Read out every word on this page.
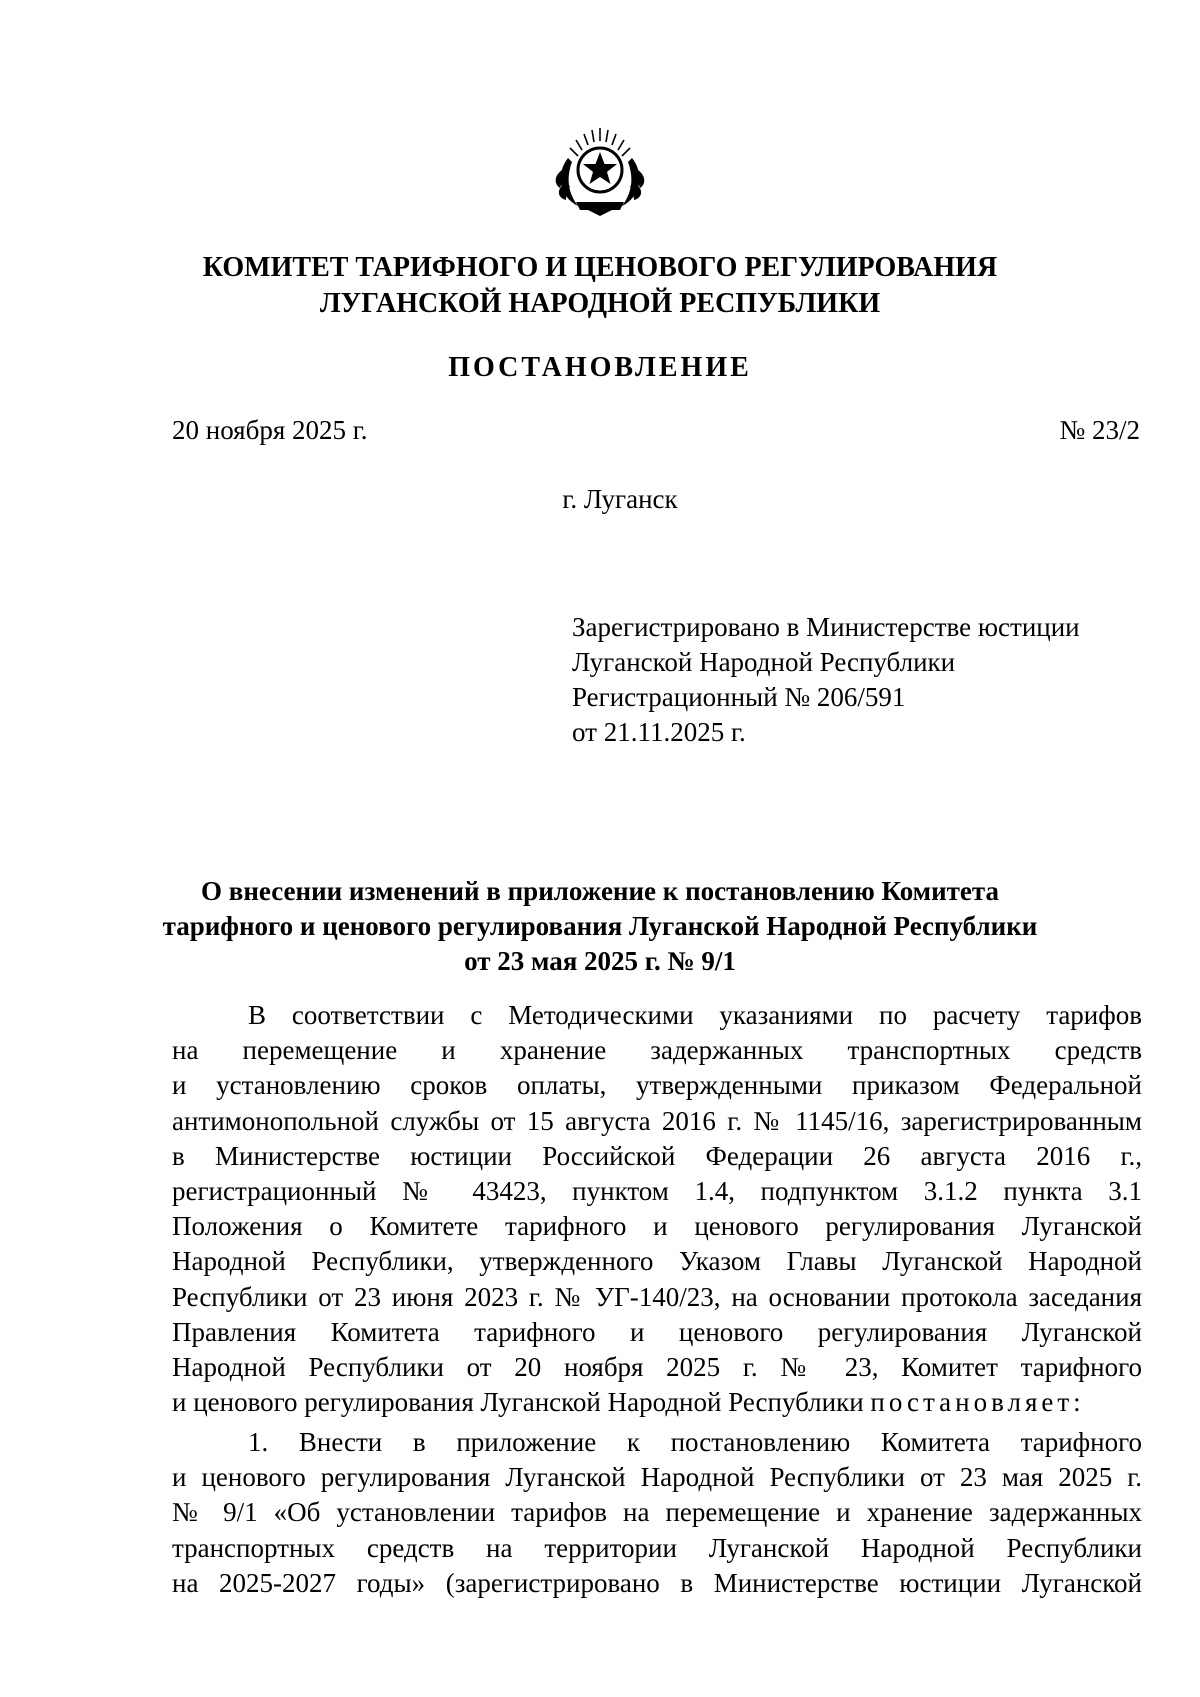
КОМИТЕТ ТАРИФНОГО И ЦЕНОВОГО РЕГУЛИРОВАНИЯ
ЛУГАНСКОЙ НАРОДНОЙ РЕСПУБЛИКИ
ПОСТАНОВЛЕНИЕ
20 ноября 2025 г.	№ 23/2
г. Луганск
Зарегистрировано в Министерстве юстиции
Луганской Народной Республики
Регистрационный № 206/591
от 21.11.2025 г.
О внесении изменений в приложение к постановлению Комитета
тарифного и ценового регулирования Луганской Народной Республики
от 23 мая 2025 г. № 9/1
В соответствии с Методическими указаниями по расчету тарифов
на перемещение и хранение задержанных транспортных средств
и установлению сроков оплаты, утвержденными приказом Федеральной
антимонопольной службы от 15 августа 2016 г. № 1145/16, зарегистрированным
в Министерстве юстиции Российской Федерации 26 августа 2016 г.,
регистрационный № 43423, пунктом 1.4, подпунктом 3.1.2 пункта 3.1
Положения о Комитете тарифного и ценового регулирования Луганской
Народной Республики, утвержденного Указом Главы Луганской Народной
Республики от 23 июня 2023 г. № УГ-140/23, на основании протокола заседания
Правления Комитета тарифного и ценового регулирования Луганской
Народной Республики от 20 ноября 2025 г. № 23, Комитет тарифного
и ценового регулирования Луганской Народной Республики постановляет:
1. Внести в приложение к постановлению Комитета тарифного
и ценового регулирования Луганской Народной Республики от 23 мая 2025 г.
№ 9/1 «Об установлении тарифов на перемещение и хранение задержанных
транспортных средств на территории Луганской Народной Республики
на 2025-2027 годы» (зарегистрировано в Министерстве юстиции Луганской
